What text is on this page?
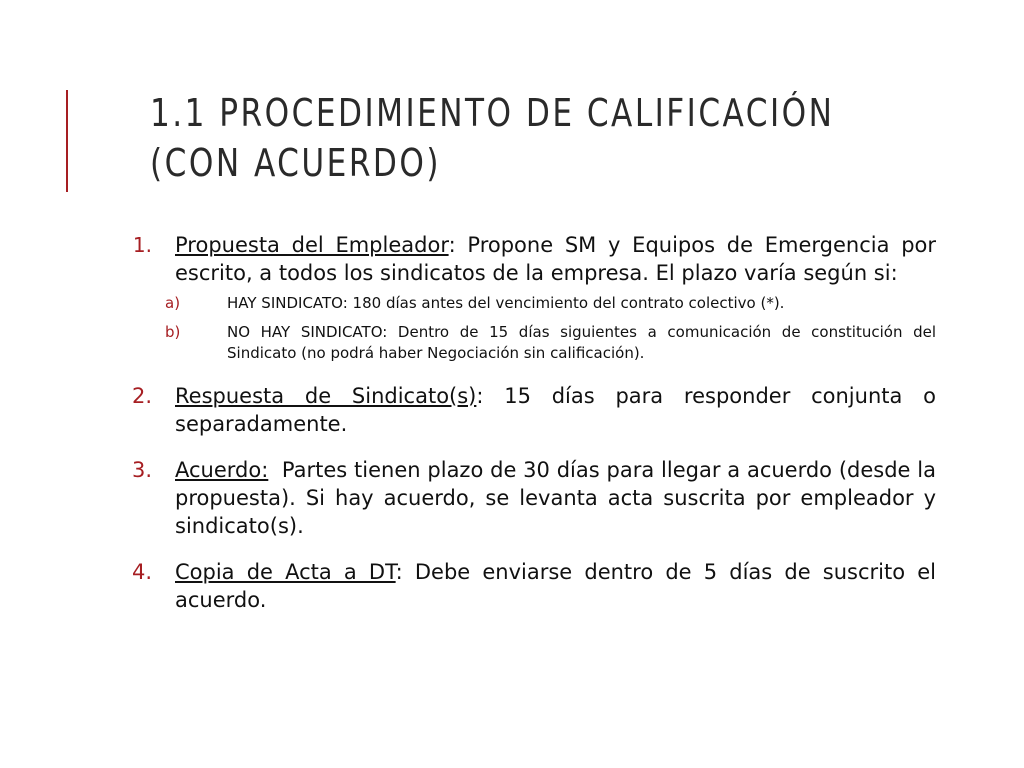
1.1 PROCEDIMIENTO DE CALIFICACIÓN
(CON ACUERDO)
1. Propuesta del Empleador: Propone SM y Equipos de Emergencia por escrito, a todos los sindicatos de la empresa. El plazo varía según si:
a)	HAY SINDICATO: 180 días antes del vencimiento del contrato colectivo (*).
b)	NO HAY SINDICATO: Dentro de 15 días siguientes a comunicación de constitución del Sindicato (no podrá haber Negociación sin calificación).
2. Respuesta de Sindicato(s): 15 días para responder conjunta o separadamente.
3. Acuerdo:  Partes tienen plazo de 30 días para llegar a acuerdo (desde la propuesta). Si hay acuerdo, se levanta acta suscrita por empleador y sindicato(s).
4. Copia de Acta a DT: Debe enviarse dentro de 5 días de suscrito el acuerdo.
